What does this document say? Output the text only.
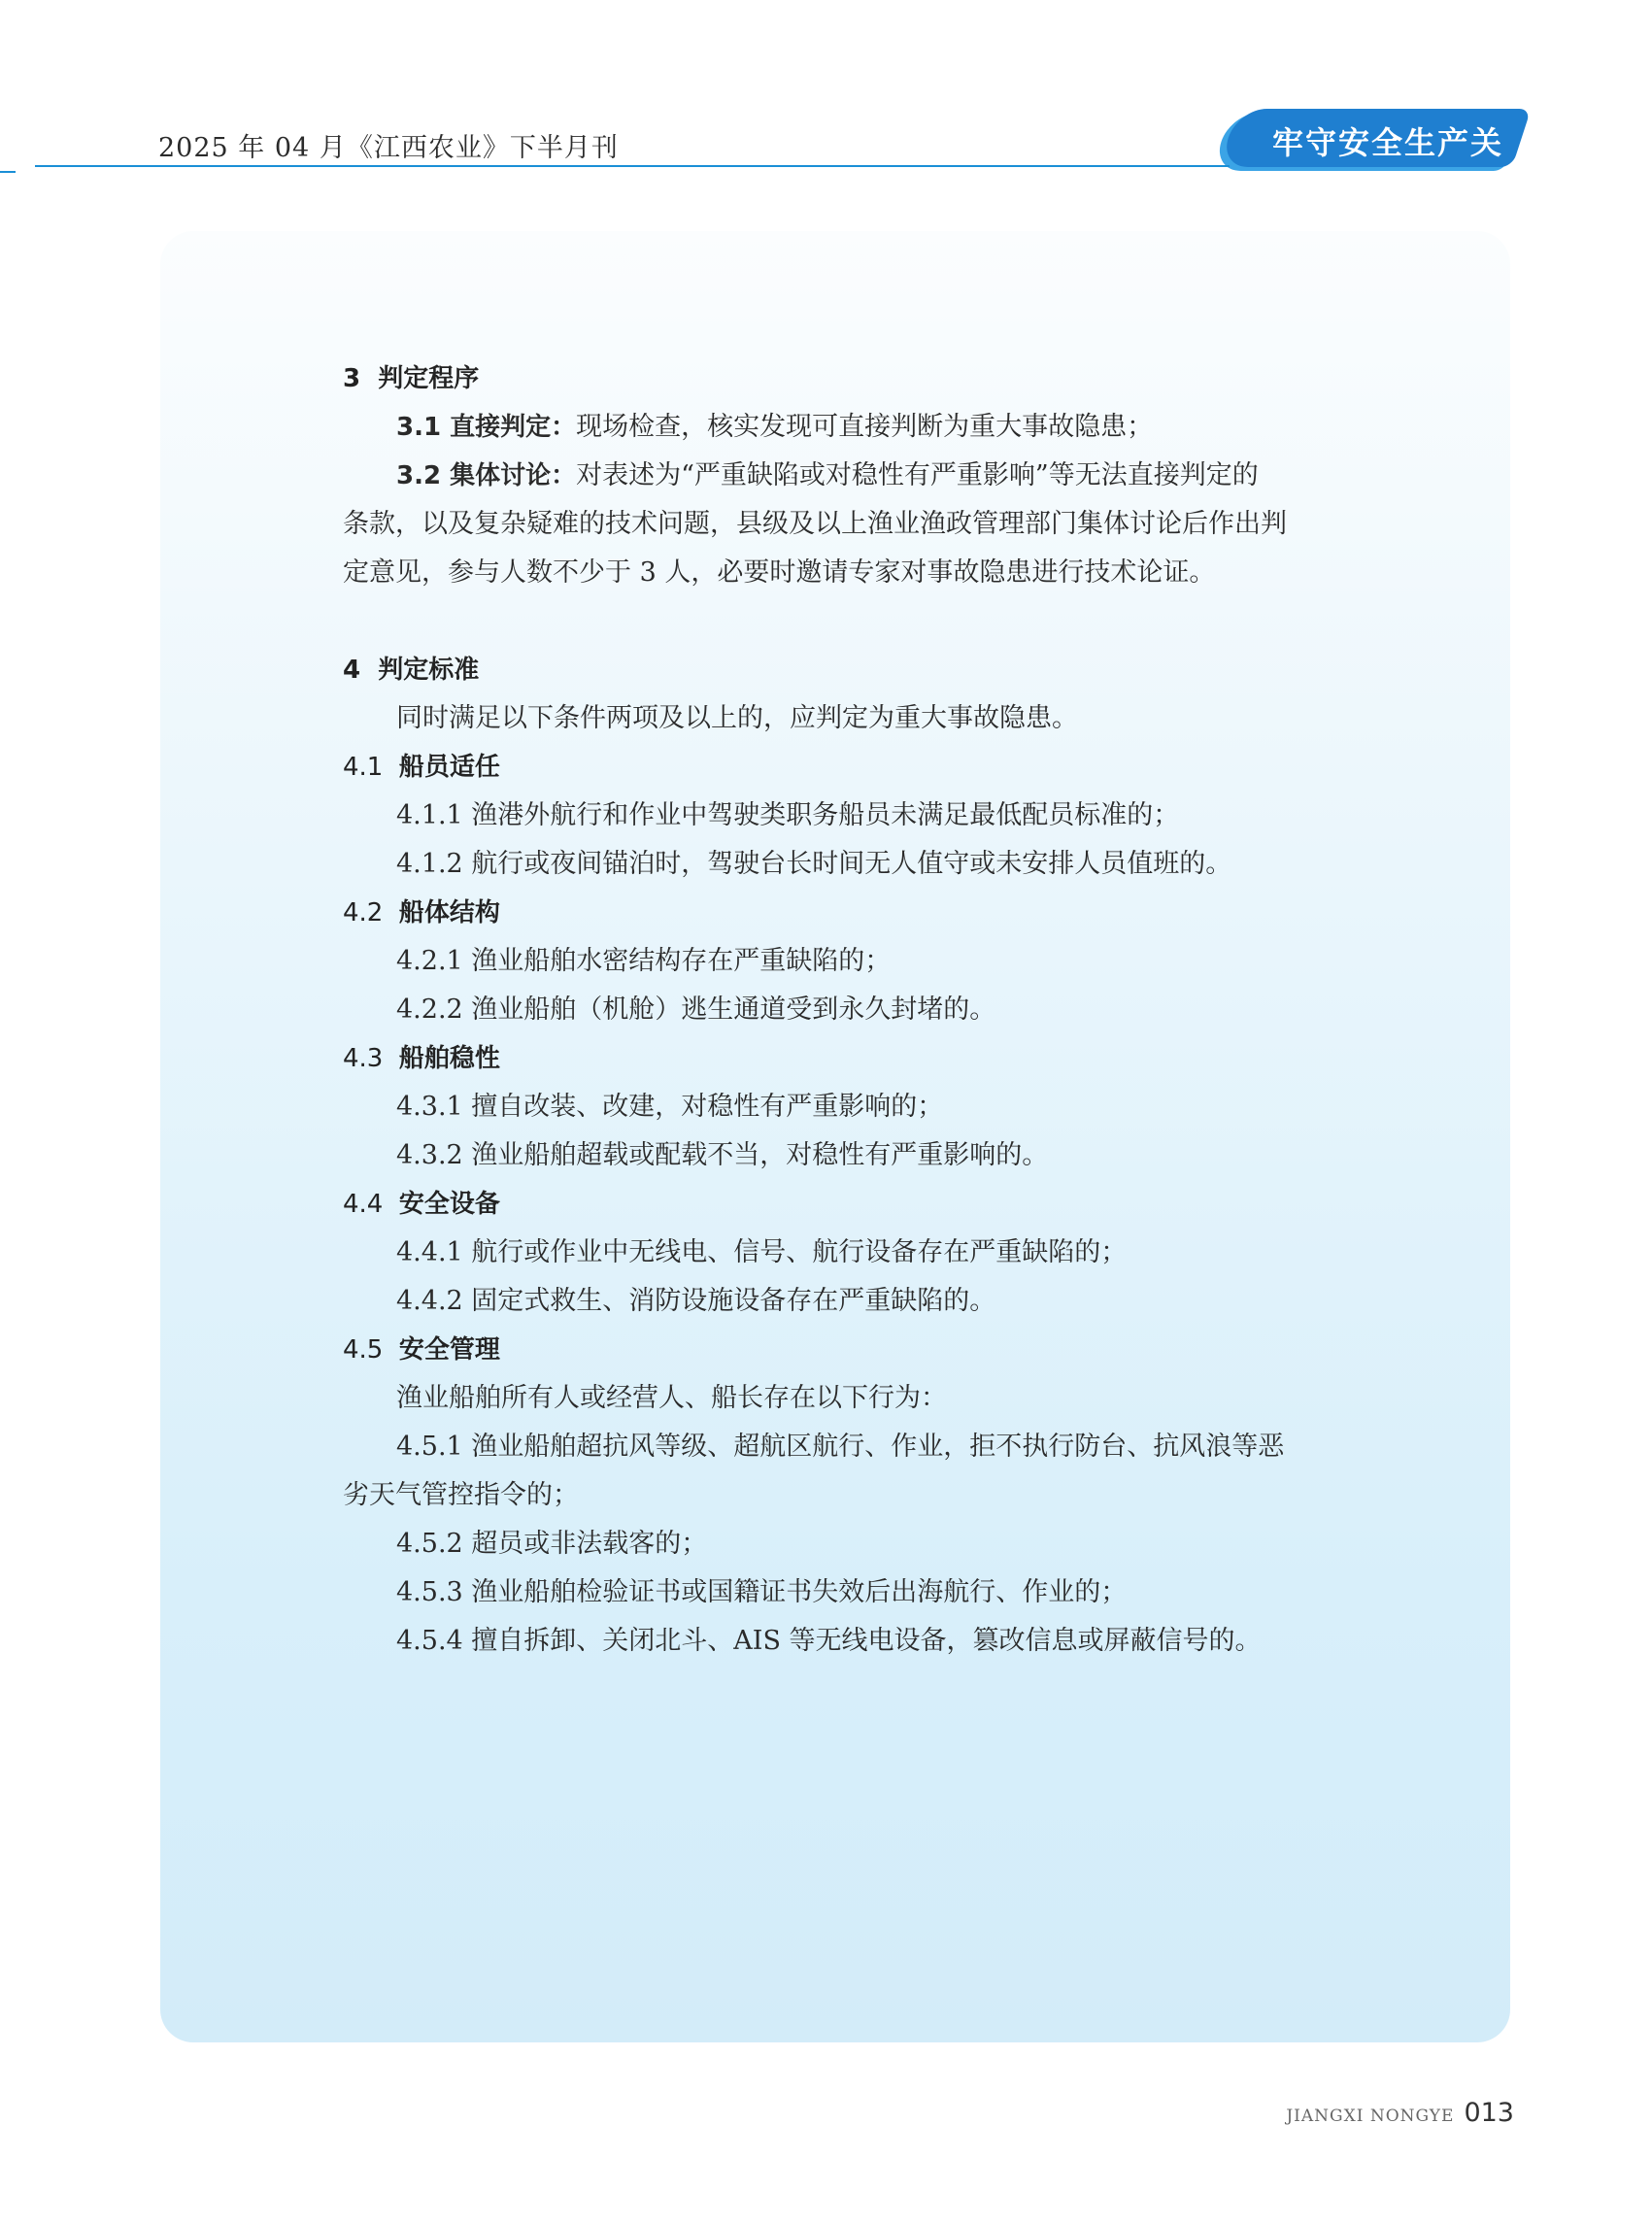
2025 年 04 月《江西农业》下半月刊	牢守安全生产关
3 判定程序
3.1 直接判定：现场检查，核实发现可直接判断为重大事故隐患；
3.2 集体讨论：对表述为“严重缺陷或对稳性有严重影响”等无法直接判定的
条款，以及复杂疑难的技术问题，县级及以上渔业渔政管理部门集体讨论后作出判
定意见，参与人数不少于 3 人，必要时邀请专家对事故隐患进行技术论证。
4 判定标准
同时满足以下条件两项及以上的，应判定为重大事故隐患。
4.1 船员适任
4.1.1 渔港外航行和作业中驾驶类职务船员未满足最低配员标准的；
4.1.2 航行或夜间锚泊时，驾驶台长时间无人值守或未安排人员值班的。
4.2 船体结构
4.2.1 渔业船舶水密结构存在严重缺陷的；
4.2.2 渔业船舶（机舱）逃生通道受到永久封堵的。
4.3 船舶稳性
4.3.1 擅自改装、改建，对稳性有严重影响的；
4.3.2 渔业船舶超载或配载不当，对稳性有严重影响的。
4.4 安全设备
4.4.1 航行或作业中无线电、信号、航行设备存在严重缺陷的；
4.4.2 固定式救生、消防设施设备存在严重缺陷的。
4.5 安全管理
渔业船舶所有人或经营人、船长存在以下行为：
4.5.1 渔业船舶超抗风等级、超航区航行、作业，拒不执行防台、抗风浪等恶
劣天气管控指令的；
4.5.2 超员或非法载客的；
4.5.3 渔业船舶检验证书或国籍证书失效后出海航行、作业的；
4.5.4 擅自拆卸、关闭北斗、AIS 等无线电设备，篡改信息或屏蔽信号的。
JIANGXI NONGYE 013
